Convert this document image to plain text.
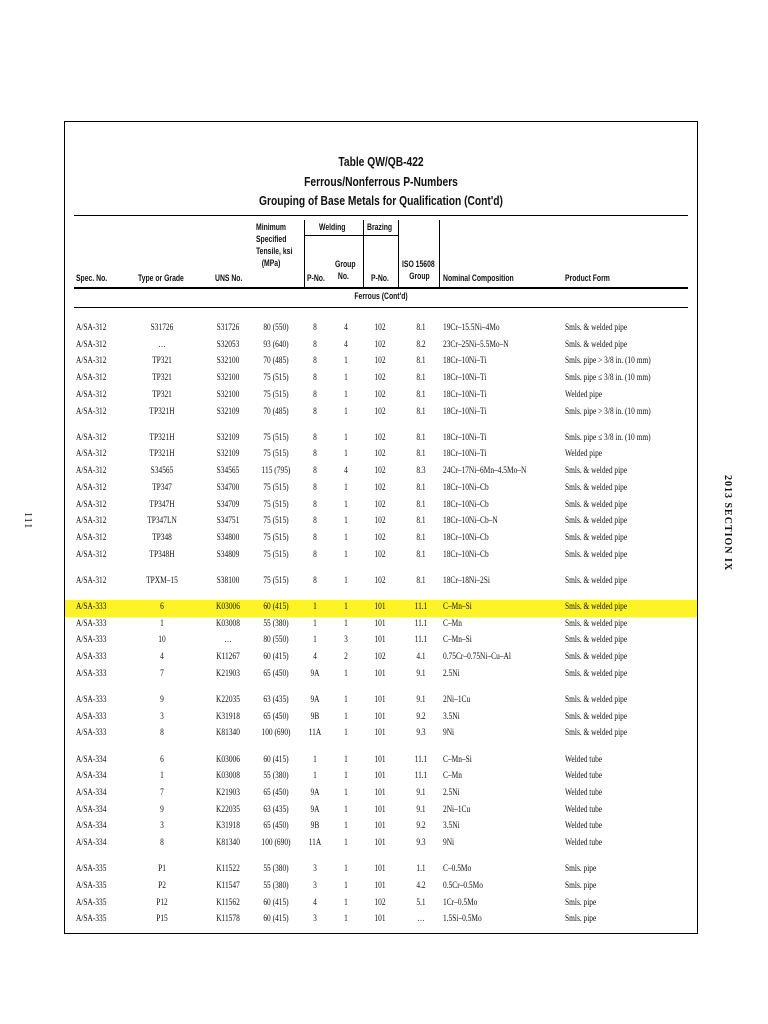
111	2013 SECTION IX
Table QW/QB-422
Ferrous/Nonferrous P-Numbers
Grouping of Base Metals for Qualification (Cont'd)
Spec. No.	Type or Grade	UNS No.
Minimum
Specified
Tensile, ksi
(MPa)
Welding Brazing
P-No.
Group
No.	P-No.
ISO 15608
Group	Nominal Composition	Product Form
Ferrous (Cont'd)
A/SA-312	S31726	S31726	80 (550)	8	4	102	8.1	19Cr–15.5Ni–4Mo	Smls. & welded pipe
A/SA-312	…	S32053	93 (640)	8	4	102	8.2	23Cr–25Ni–5.5Mo–N	Smls. & welded pipe
A/SA-312	TP321	S32100	70 (485)	8	1	102	8.1	18Cr–10Ni–Ti	Smls. pipe > 3/8 in. (10 mm)
A/SA-312	TP321	S32100	75 (515)	8	1	102	8.1	18Cr–10Ni–Ti	Smls. pipe ≤ 3/8 in. (10 mm)
A/SA-312	TP321	S32100	75 (515)	8	1	102	8.1	18Cr–10Ni–Ti	Welded pipe
A/SA-312	TP321H	S32109	70 (485)	8	1	102	8.1	18Cr–10Ni–Ti	Smls. pipe > 3/8 in. (10 mm)
A/SA-312	TP321H	S32109	75 (515)	8	1	102	8.1	18Cr–10Ni–Ti	Smls. pipe ≤ 3/8 in. (10 mm)
A/SA-312	TP321H	S32109	75 (515)	8	1	102	8.1	18Cr–10Ni–Ti	Welded pipe
A/SA-312	S34565	S34565	115 (795)	8	4	102	8.3	24Cr–17Ni–6Mn–4.5Mo–N	Smls. & welded pipe
A/SA-312	TP347	S34700	75 (515)	8	1	102	8.1	18Cr–10Ni–Cb	Smls. & welded pipe
A/SA-312	TP347H	S34709	75 (515)	8	1	102	8.1	18Cr–10Ni–Cb	Smls. & welded pipe
A/SA-312	TP347LN	S34751	75 (515)	8	1	102	8.1	18Cr–10Ni–Cb–N	Smls. & welded pipe
A/SA-312	TP348	S34800	75 (515)	8	1	102	8.1	18Cr–10Ni–Cb	Smls. & welded pipe
A/SA-312	TP348H	S34809	75 (515)	8	1	102	8.1	18Cr–10Ni–Cb	Smls. & welded pipe
A/SA-312	TPXM–15	S38100	75 (515)	8	1	102	8.1	18Cr–18Ni–2Si	Smls. & welded pipe
A/SA-333	6	K03006	60 (415)	1	1	101	11.1	C–Mn–Si	Smls. & welded pipe
A/SA-333	1	K03008	55 (380)	1	1	101	11.1	C–Mn	Smls. & welded pipe
A/SA-333	10	…	80 (550)	1	3	101	11.1	C–Mn–Si	Smls. & welded pipe
A/SA-333	4	K11267	60 (415)	4	2	102	4.1	0.75Cr–0.75Ni–Cu–Al	Smls. & welded pipe
A/SA-333	7	K21903	65 (450)	9A	1	101	9.1	2.5Ni	Smls. & welded pipe
A/SA-333	9	K22035	63 (435)	9A	1	101	9.1	2Ni–1Cu	Smls. & welded pipe
A/SA-333	3	K31918	65 (450)	9B	1	101	9.2	3.5Ni	Smls. & welded pipe
A/SA-333	8	K81340	100 (690)	11A	1	101	9.3	9Ni	Smls. & welded pipe
A/SA-334	6	K03006	60 (415)	1	1	101	11.1	C–Mn–Si	Welded tube
A/SA-334	1	K03008	55 (380)	1	1	101	11.1	C–Mn	Welded tube
A/SA-334	7	K21903	65 (450)	9A	1	101	9.1	2.5Ni	Welded tube
A/SA-334	9	K22035	63 (435)	9A	1	101	9.1	2Ni–1Cu	Welded tube
A/SA-334	3	K31918	65 (450)	9B	1	101	9.2	3.5Ni	Welded tube
A/SA-334	8	K81340	100 (690)	11A	1	101	9.3	9Ni	Welded tube
A/SA-335	P1	K11522	55 (380)	3	1	101	1.1	C–0.5Mo	Smls. pipe
A/SA-335	P2	K11547	55 (380)	3	1	101	4.2	0.5Cr–0.5Mo	Smls. pipe
A/SA-335	P12	K11562	60 (415)	4	1	102	5.1	1Cr–0.5Mo	Smls. pipe
A/SA-335	P15	K11578	60 (415)	3	1	101	…	1.5Si–0.5Mo	Smls. pipe
